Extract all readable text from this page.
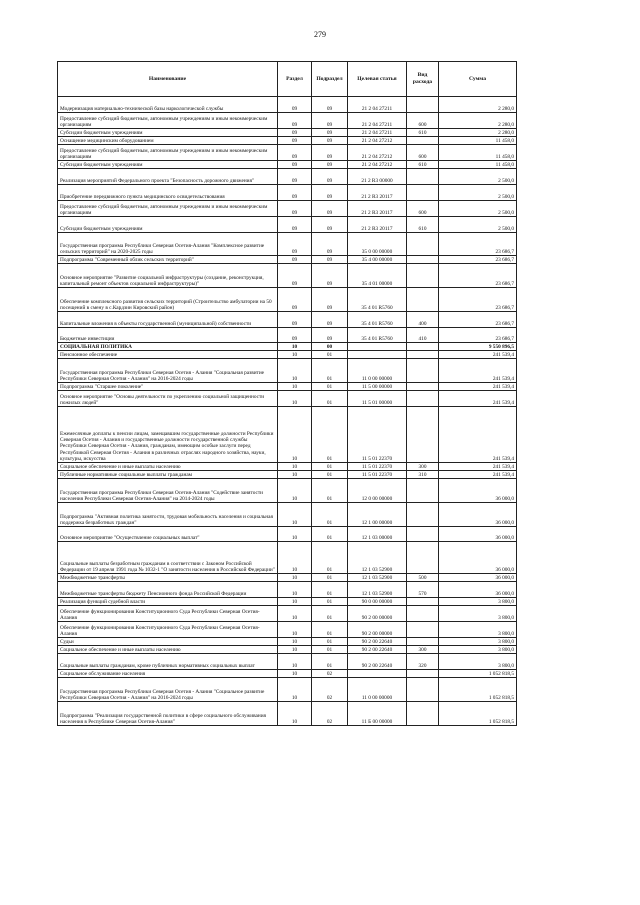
279
Наименование	Раздел	Подраздел	Целевая статья	Вид расхода	Сумма
Модернизация материально-технической базы наркологической службы	09	09	21 2 04 27211		2 280,0
Предоставление субсидий бюджетным, автономным учреждениям и иным некоммерческим организациям	09	09	21 2 04 27211	600	2 280,0
Субсидии бюджетным учреждениям	09	09	21 2 04 27211	610	2 280,0
Оснащение медицинским оборудованием	09	09	21 2 04 27212		11 458,0
Предоставление субсидий бюджетным, автономным учреждениям и иным некоммерческим организациям	09	09	21 2 04 27212	600	11 458,0
Субсидии бюджетным учреждениям	09	09	21 2 04 27212	610	11 458,0
Реализация мероприятий Федерального проекта "Безопасность дорожного движения"	09	09	21 2 R3 00000		2 500,0
Приобретение передвижного пункта медицинского освидетельствования	09	09	21 2 R3 20117		2 500,0
Предоставление субсидий бюджетным, автономным учреждениям и иным некоммерческим организациям	09	09	21 2 R3 20117	600	2 500,0
Субсидии бюджетным учреждениям	09	09	21 2 R3 20117	610	2 500,0
Государственная программа Республики Северная Осетия-Алания "Комплексное развитие сельских территорий" на 2020-2025 годы	09	09	35 0 00 00000		23 686,7
Подпрограмма "Современный облик сельских территорий"	09	09	35 4 00 00000		23 686,7
Основное мероприятие "Развитие социальной инфраструктуры (создание, реконструкция, капитальный ремонт объектов социальной инфраструктуры)"	09	09	35 4 01 00000		23 686,7
Обеспечение комплексного развития сельских территорий (Строительство амбулатории на 50 посещений в смену в с.Кардзин Кировский район)	09	09	35 4 01 R5760		23 686,7
Капитальные вложения в объекты государственной (муниципальной) собственности	09	09	35 4 01 R5760	400	23 686,7
Бюджетные инвестиции	09	09	35 4 01 R5760	410	23 686,7
СОЦИАЛЬНАЯ ПОЛИТИКА	10	00			9 550 896,5
Пенсионное обеспечение	10	01			241 539,4
Государственная программа Республики Северная Осетия - Алания "Социальная развитие Республики Северная Осетия - Алания" на 2016-2024 годы	10	01	11 0 00 00000		241 539,4
Подпрограмма "Старшее поколение"	10	01	11 5 00 00000		241 539,4
Основное мероприятие "Основы деятельности по укреплению социальной защищенности пожилых людей"	10	01	11 5 01 00000		241 539,4
Ежемесячные доплаты к пенсии лицам, замещавшим государственные должности Республики Северная Осетия - Алания и государственные должности государственной службы Республики Северная Осетия - Алания, гражданам, имеющим особые заслуги перед Республикой Северная Осетия - Алания в различных отраслях народного хозяйства, науки, культуры, искусства	10	01	11 5 01 22370		241 539,4
Социальное обеспечение и иные выплаты населению	10	01	11 5 01 22370	300	241 539,4
Публичные нормативные социальные выплаты гражданам	10	01	11 5 01 22370	310	241 539,4
Государственная программа Республики Северная Осетия-Алания "Содействие занятости населения Республики Северная Осетия-Алания" на 2014-2024 годы	10	01	12 0 00 00000		36 000,0
Подпрограмма "Активная политика занятости, трудовая мобильность населения и социальная поддержка безработных граждан"	10	01	12 1 00 00000		36 000,0
Основное мероприятие "Осуществление социальных выплат"	10	01	12 1 03 00000		36 000,0
Социальные выплаты безработным гражданам в соответствии с Законом Российской Федерации от 19 апреля 1991 года № 1032-1 "О занятости населения в Российской Федерации"	10	01	12 1 03 52900		36 000,0
Межбюджетные трансферты	10	01	12 1 03 52900	500	36 000,0
Межбюджетные трансферты бюджету Пенсионного фонда Российской Федерации	10	01	12 1 03 52900	570	36 000,0
Реализация функций судебной власти	10	01	90 0 00 00000		3 800,0
Обеспечение функционирования Конституционного Суда Республики Северная Осетия-Алания	10	01	90 2 00 00000		3 800,0
Обеспечение функционирования Конституционного Суда Республики Северная Осетия-Алания	10	01	90 2 00 00000		3 800,0
Судьи	10	01	90 2 00 22640		3 800,0
Социальное обеспечение и иные выплаты населению	10	01	90 2 00 22640	300	3 800,0
Социальные выплаты гражданам, кроме публичных нормативных социальных выплат	10	01	90 2 00 22640	320	3 800,0
Социальное обслуживание населения	10	02			1 052 818,5
Государственная программа Республики Северная Осетия - Алания "Социальное развитие Республики Северная Осетия - Алания" на 2016-2024 годы	10	02	11 0 00 00000		1 052 818,5
Подпрограмма "Реализация государственной политики в сфере социального обслуживания населения в Республике Северная Осетия-Алания"	10	02	11 Б 00 00000		1 052 818,5
